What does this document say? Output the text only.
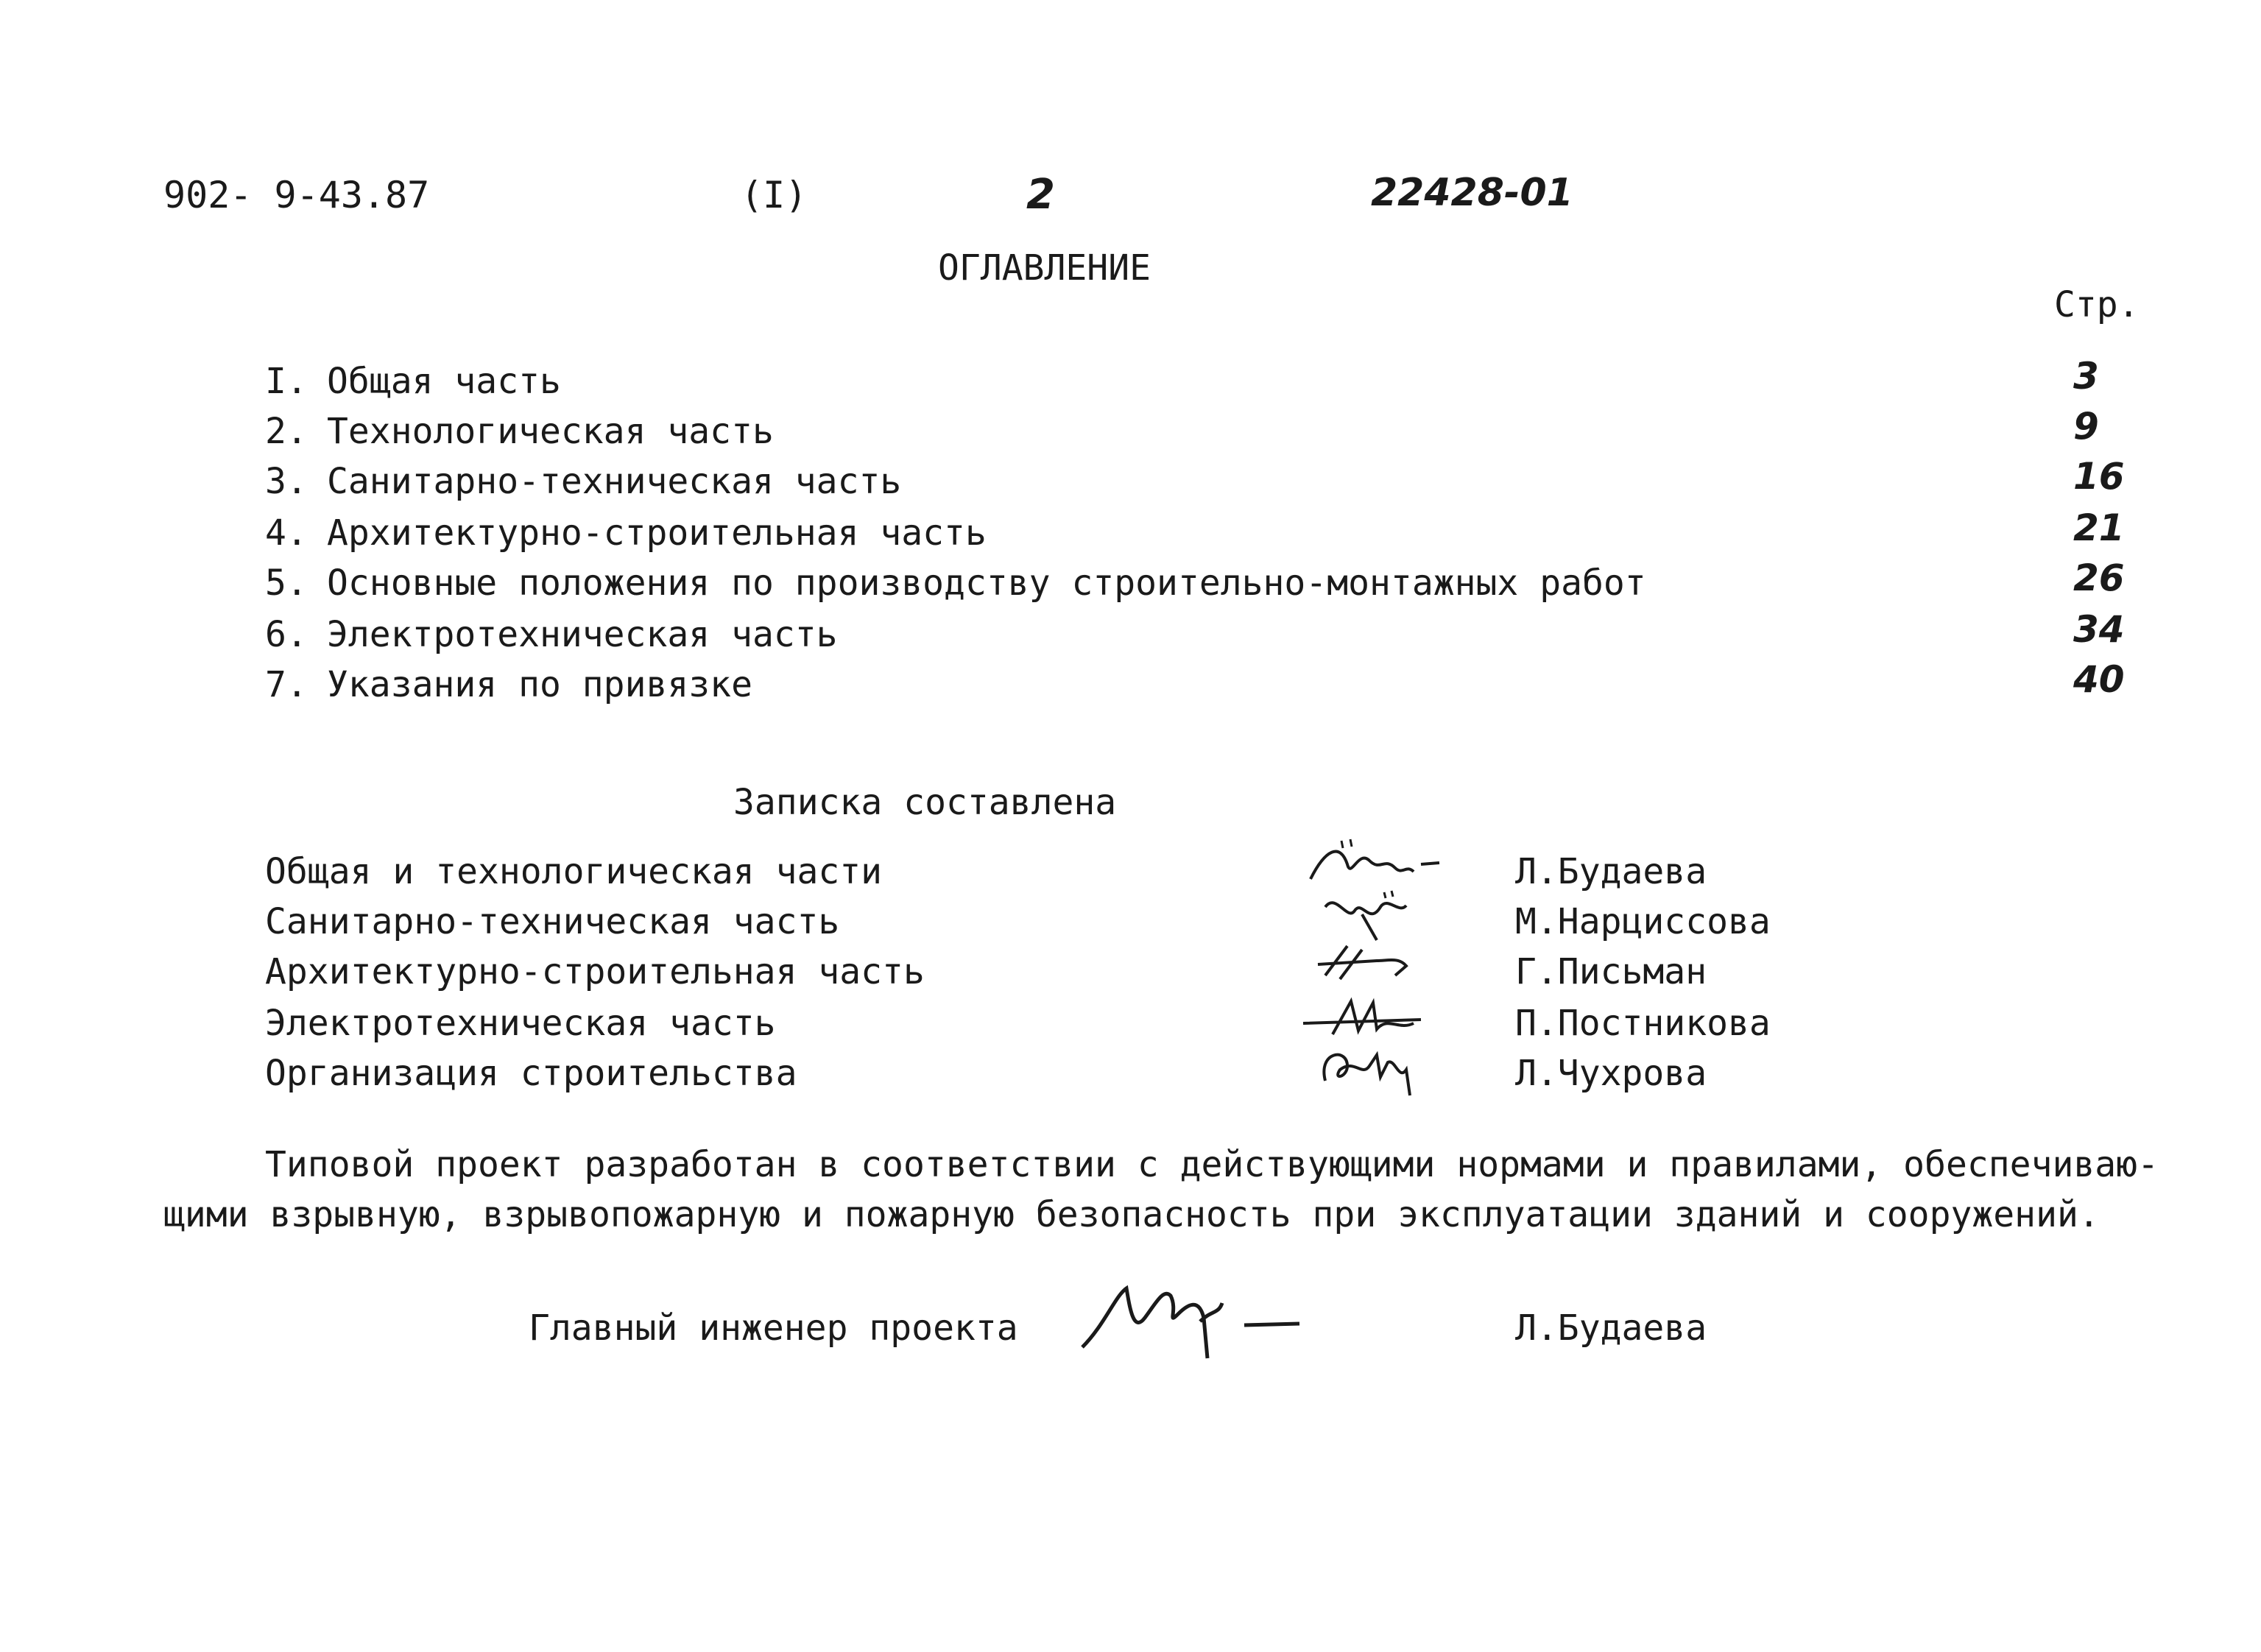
902- 9-43.87	(I)	2	22428-01
ОГЛАВЛЕНИЕ
Стр.
I. Общая часть	3
2. Технологическая часть	9
3. Санитарно-техническая часть	16
4. Архитектурно-строительная часть	21
5. Основные положения по производству строительно-монтажных работ	26
6. Электротехническая часть	34
7. Указания по привязке	40
Записка составлена
Общая и технологическая части	Л.Будаева
Санитарно-техническая часть	М.Нарциссова
Архитектурно-строительная часть	Г.Письман
Электротехническая часть	П.Постникова
Организация строительства	Л.Чухрова
Типовой проект разработан в соответствии с действующими нормами и правилами, обеспечиваю-
щими взрывную, взрывопожарную и пожарную безопасность при эксплуатации зданий и сооружений.
Главный инженер проекта	Л.Будаева
